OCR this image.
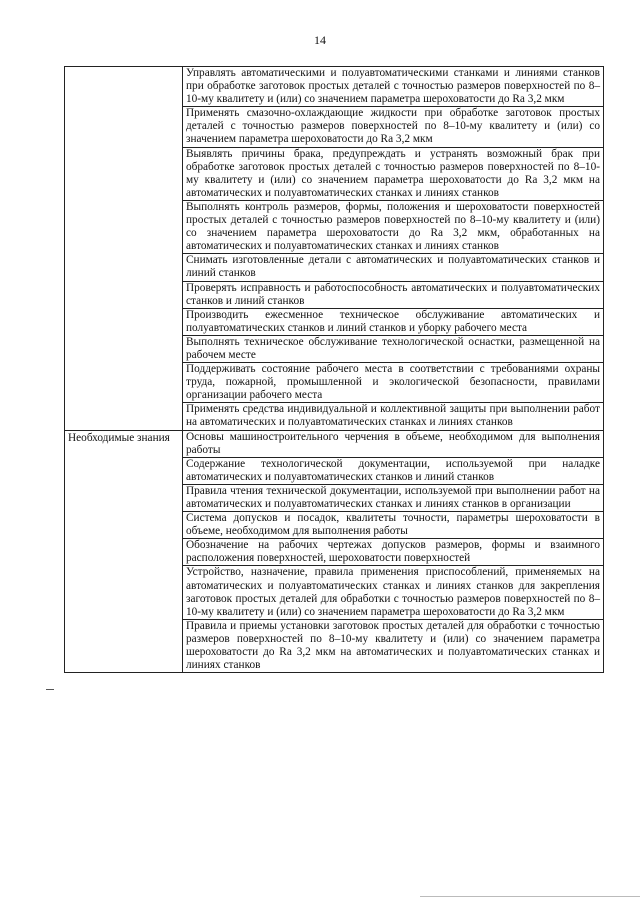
14
	Управлять автоматическими и полуавтоматическими станками и линиями станков при обработке заготовок простых деталей с точностью размеров поверхностей по 8–10-му квалитету и (или) со значением параметра шероховатости до Ra 3,2 мкм
	Применять смазочно-охлаждающие жидкости при обработке заготовок простых деталей с точностью размеров поверхностей по 8–10-му квалитету и (или) со значением параметра шероховатости до Ra 3,2 мкм
	Выявлять причины брака, предупреждать и устранять возможный брак при обработке заготовок простых деталей с точностью размеров поверхностей по 8–10-му квалитету и (или) со значением параметра шероховатости до Ra 3,2 мкм на автоматических и полуавтоматических станках и линиях станков
	Выполнять контроль размеров, формы, положения и шероховатости поверхностей простых деталей с точностью размеров поверхностей по 8–10-му квалитету и (или) со значением параметра шероховатости до Ra 3,2 мкм, обработанных на автоматических и полуавтоматических станках и линиях станков
	Снимать изготовленные детали с автоматических и полуавтоматических станков и линий станков
	Проверять исправность и работоспособность автоматических и полуавтоматических станков и линий станков
	Производить ежесменное техническое обслуживание автоматических и полуавтоматических станков и линий станков и уборку рабочего места
	Выполнять техническое обслуживание технологической оснастки, размещенной на рабочем месте
	Поддерживать состояние рабочего места в соответствии с требованиями охраны труда, пожарной, промышленной и экологической безопасности, правилами организации рабочего места
	Применять средства индивидуальной и коллективной защиты при выполнении работ на автоматических и полуавтоматических станках и линиях станков

Необходимые знания	Основы машиностроительного черчения в объеме, необходимом для выполнения работы
	Содержание технологической документации, используемой при наладке автоматических и полуавтоматических станков и линий станков
	Правила чтения технической документации, используемой при выполнении работ на автоматических и полуавтоматических станках и линиях станков в организации
	Система допусков и посадок, квалитеты точности, параметры шероховатости в объеме, необходимом для выполнения работы
	Обозначение на рабочих чертежах допусков размеров, формы и взаимного расположения поверхностей, шероховатости поверхностей
	Устройство, назначение, правила применения приспособлений, применяемых на автоматических и полуавтоматических станках и линиях станков для закрепления заготовок простых деталей для обработки с точностью размеров поверхностей по 8–10-му квалитету и (или) со значением параметра шероховатости до Ra 3,2 мкм
	Правила и приемы установки заготовок простых деталей для обработки с точностью размеров поверхностей по 8–10-му квалитету и (или) со значением параметра шероховатости до Ra 3,2 мкм на автоматических и полуавтоматических станках и линиях станков
